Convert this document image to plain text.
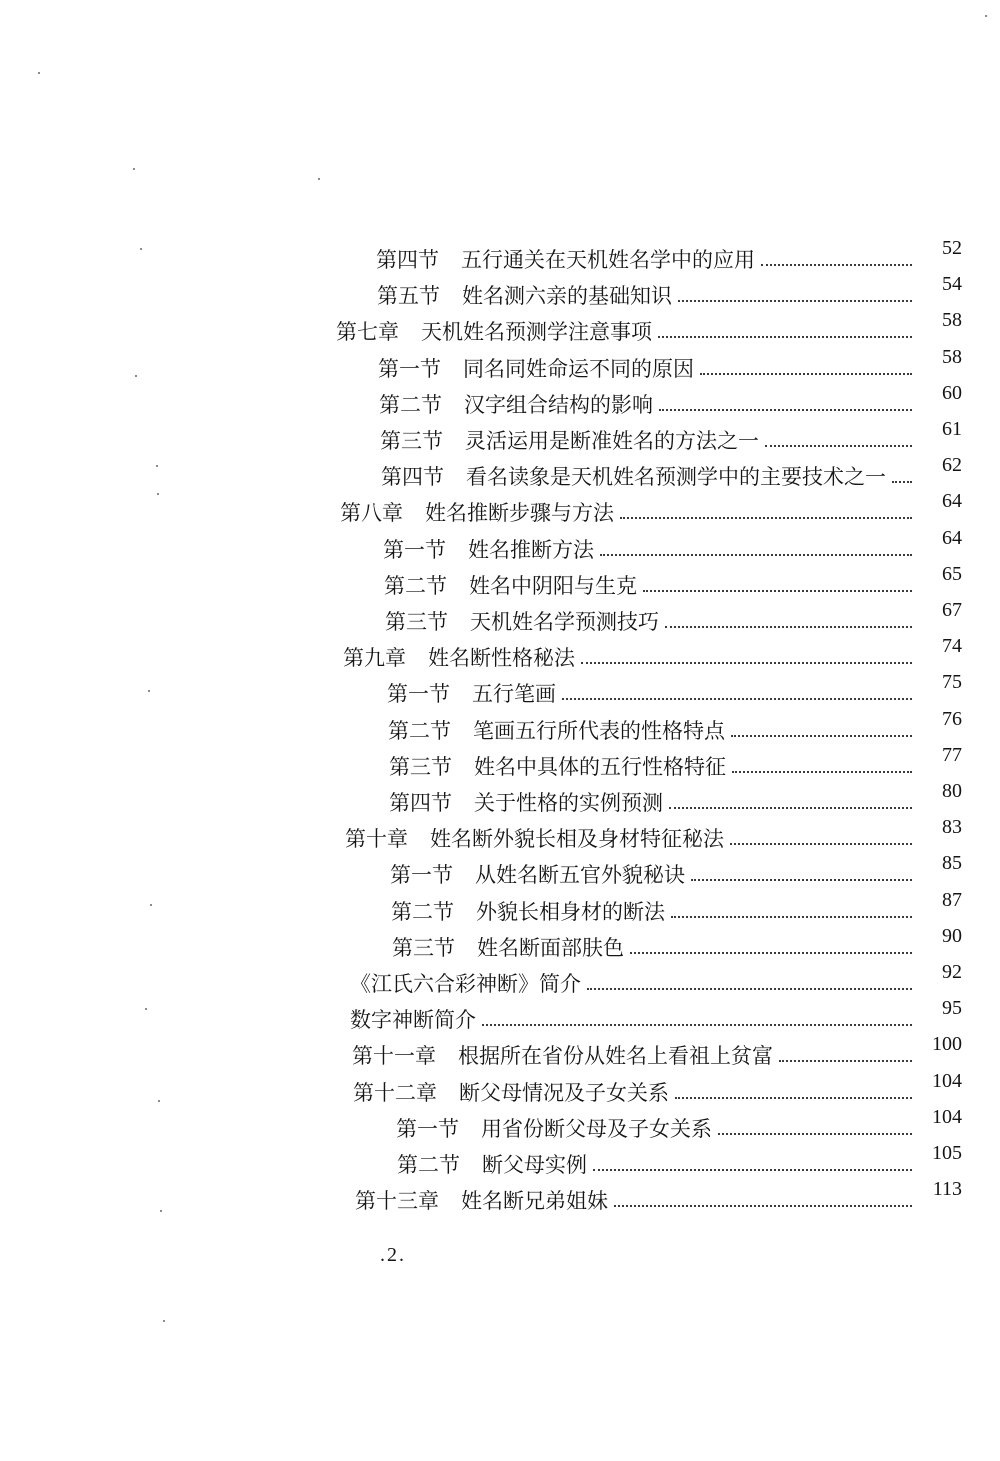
第四节 五行通关在天机姓名学中的应用	52
第五节 姓名测六亲的基础知识	54
第七章 天机姓名预测学注意事项	58
第一节 同名同姓命运不同的原因	58
第二节 汉字组合结构的影响	60
第三节 灵活运用是断准姓名的方法之一	61
第四节 看名读象是天机姓名预测学中的主要技术之一	62
第八章 姓名推断步骤与方法	64
第一节 姓名推断方法	64
第二节 姓名中阴阳与生克	65
第三节 天机姓名学预测技巧	67
第九章 姓名断性格秘法	74
第一节 五行笔画	75
第二节 笔画五行所代表的性格特点	76
第三节 姓名中具体的五行性格特征	77
第四节 关于性格的实例预测	80
第十章 姓名断外貌长相及身材特征秘法	83
第一节 从姓名断五官外貌秘诀	85
第二节 外貌长相身材的断法	87
第三节 姓名断面部肤色	90
《江氏六合彩神断》简介	92
数字神断简介	95
第十一章 根据所在省份从姓名上看祖上贫富	100
第十二章 断父母情况及子女关系	104
第一节 用省份断父母及子女关系	104
第二节 断父母实例	105
第十三章 姓名断兄弟姐妹	113
.2.
